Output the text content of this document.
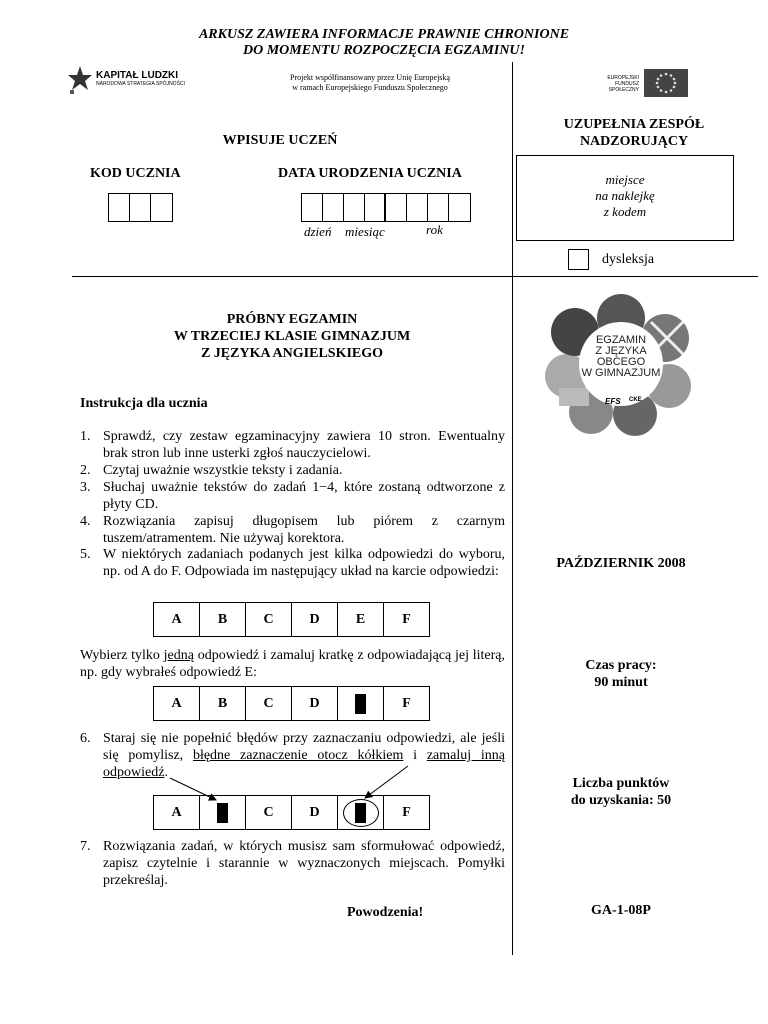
ARKUSZ ZAWIERA INFORMACJE PRAWNIE CHRONIONE
DO MOMENTU ROZPOCZĘCIA EGZAMINU!
KAPITAŁ LUDZKI
NARODOWA STRATEGIA SPÓJNOŚCI
Projekt współfinansowany przez Unię Europejską
w ramach Europejskiego Funduszu Społecznego
EUROPEJSKI
FUNDUSZ SPOŁECZNY
WPISUJE UCZEŃ
KOD UCZNIA	DATA URODZENIA UCZNIA
dzień miesiąc	rok
UZUPEŁNIA ZESPÓŁ
NADZORUJĄCY
miejsce
na naklejkę
z kodem
dysleksja
PRÓBNY EGZAMIN
W TRZECIEJ KLASIE GIMNAZJUM
Z JĘZYKA ANGIELSKIEGO
EGZAMIN
Z JĘZYKA
OBCEGO
W GIMNAZJUM
EFS CKE
Instrukcja dla ucznia
1. Sprawdź, czy zestaw egzaminacyjny zawiera 10 stron. Ewentualny brak stron lub inne usterki zgłoś nauczycielowi.
2. Czytaj uważnie wszystkie teksty i zadania.
3. Słuchaj uważnie tekstów do zadań 1−4, które zostaną odtworzone z płyty CD.
4. Rozwiązania zapisuj długopisem lub piórem z czarnym tuszem/atramentem. Nie używaj korektora.
5. W niektórych zadaniach podanych jest kilka odpowiedzi do wyboru, np. od A do F. Odpowiada im następujący układ na karcie odpowiedzi:
A	B	C	D	E	F
Wybierz tylko jedną odpowiedź i zamaluj kratkę z odpowiadającą jej literą, np. gdy wybrałeś odpowiedź E:
A	B	C	D		F
6. Staraj się nie popełnić błędów przy zaznaczaniu odpowiedzi, ale jeśli się pomylisz, błędne zaznaczenie otocz kółkiem i zamaluj inną odpowiedź.
A		C	D		F
7. Rozwiązania zadań, w których musisz sam sformułować odpowiedź, zapisz czytelnie i starannie w wyznaczonych miejscach. Pomyłki przekreślaj.
Powodzenia!
PAŹDZIERNIK 2008
Czas pracy:
90 minut
Liczba punktów
do uzyskania: 50
GA-1-08P
